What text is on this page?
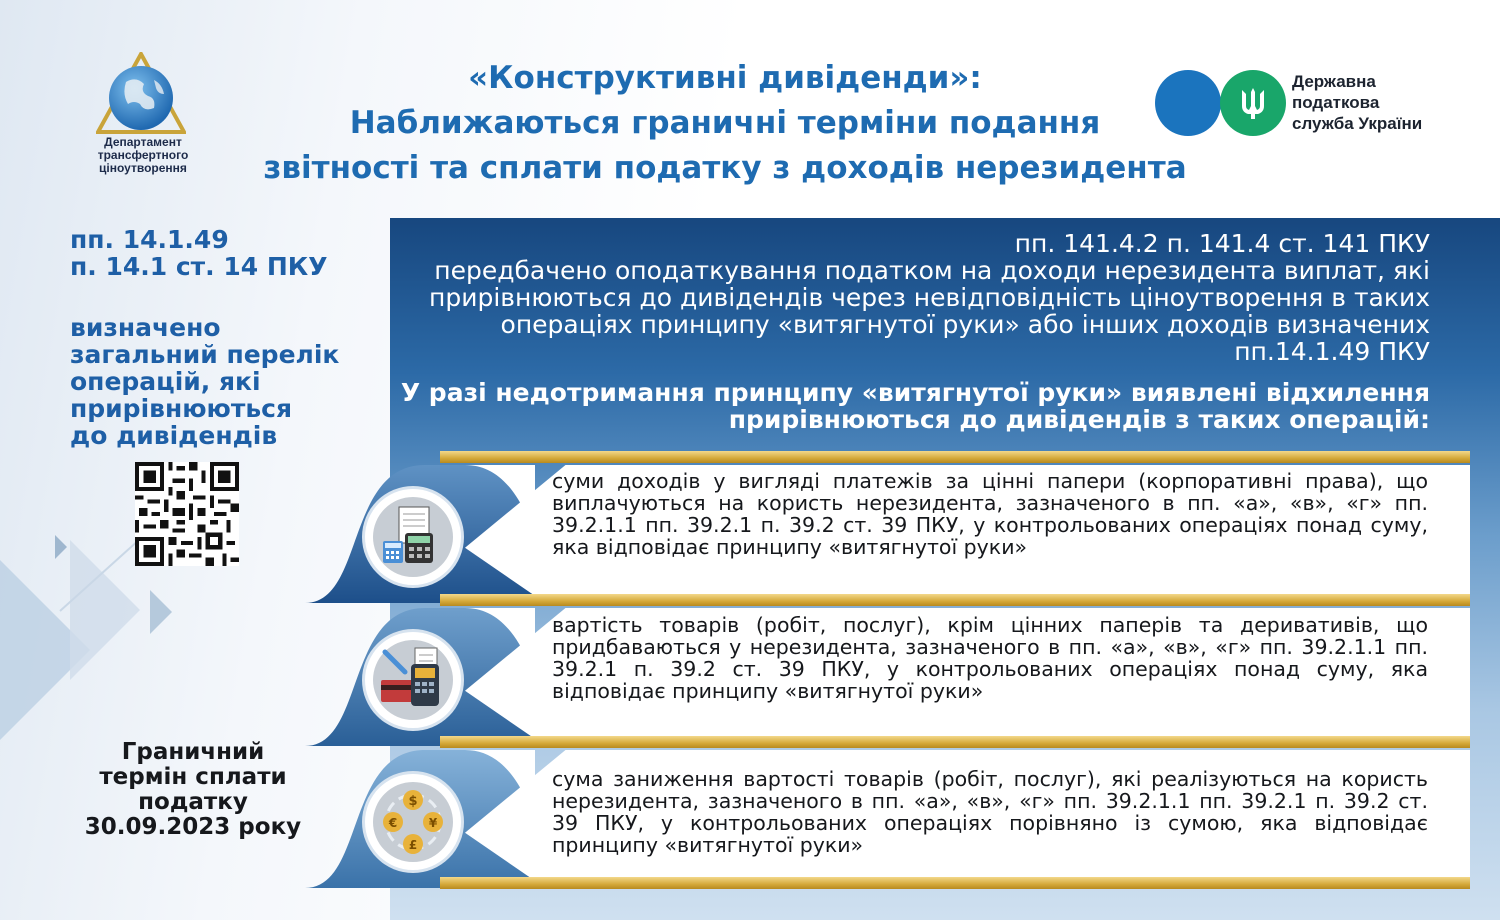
Департамент
трансфертного
ціноутворення
«Конструктивні дивіденди»:
Наближаються граничні терміни подання
звітності та сплати податку з доходів нерезидента
Державна
податкова
служба України
пп. 14.1.49
п. 14.1 ст. 14 ПКУ
визначено
загальний перелік
операцій, які
прирівнюються
до дивідендів
Граничний
термін сплати
податку
30.09.2023 року
пп. 141.4.2 п. 141.4 ст. 141 ПКУ
передбачено оподаткування податком на доходи нерезидента виплат, які прирівнюються до дивідендів через невідповідність ціноутворення в таких операціях принципу «витягнутої руки» або інших доходів визначених пп.14.1.49 ПКУ
У разі недотримання принципу «витягнутої руки» виявлені відхилення прирівнюються до дивідендів з таких операцій:
суми доходів у вигляді платежів за цінні папери (корпоративні права), що виплачуються на користь нерезидента, зазначеного в пп. «а», «в», «г» пп. 39.2.1.1 пп. 39.2.1 п. 39.2 ст. 39 ПКУ, у контрольованих операціях понад суму, яка відповідає принципу «витягнутої руки»
вартість товарів (робіт, послуг), крім цінних паперів та деривативів, що придбаваються у нерезидента, зазначеного в пп. «а», «в», «г» пп. 39.2.1.1 пп. 39.2.1 п. 39.2 ст. 39 ПКУ, у контрольованих операціях понад суму, яка відповідає принципу «витягнутої руки»
$
€	¥
£
сума заниження вартості товарів (робіт, послуг), які реалізуються на користь нерезидента, зазначеного в пп. «а», «в», «г» пп. 39.2.1.1 пп. 39.2.1 п. 39.2 ст. 39 ПКУ, у контрольованих операціях порівняно із сумою, яка відповідає принципу «витягнутої руки»
